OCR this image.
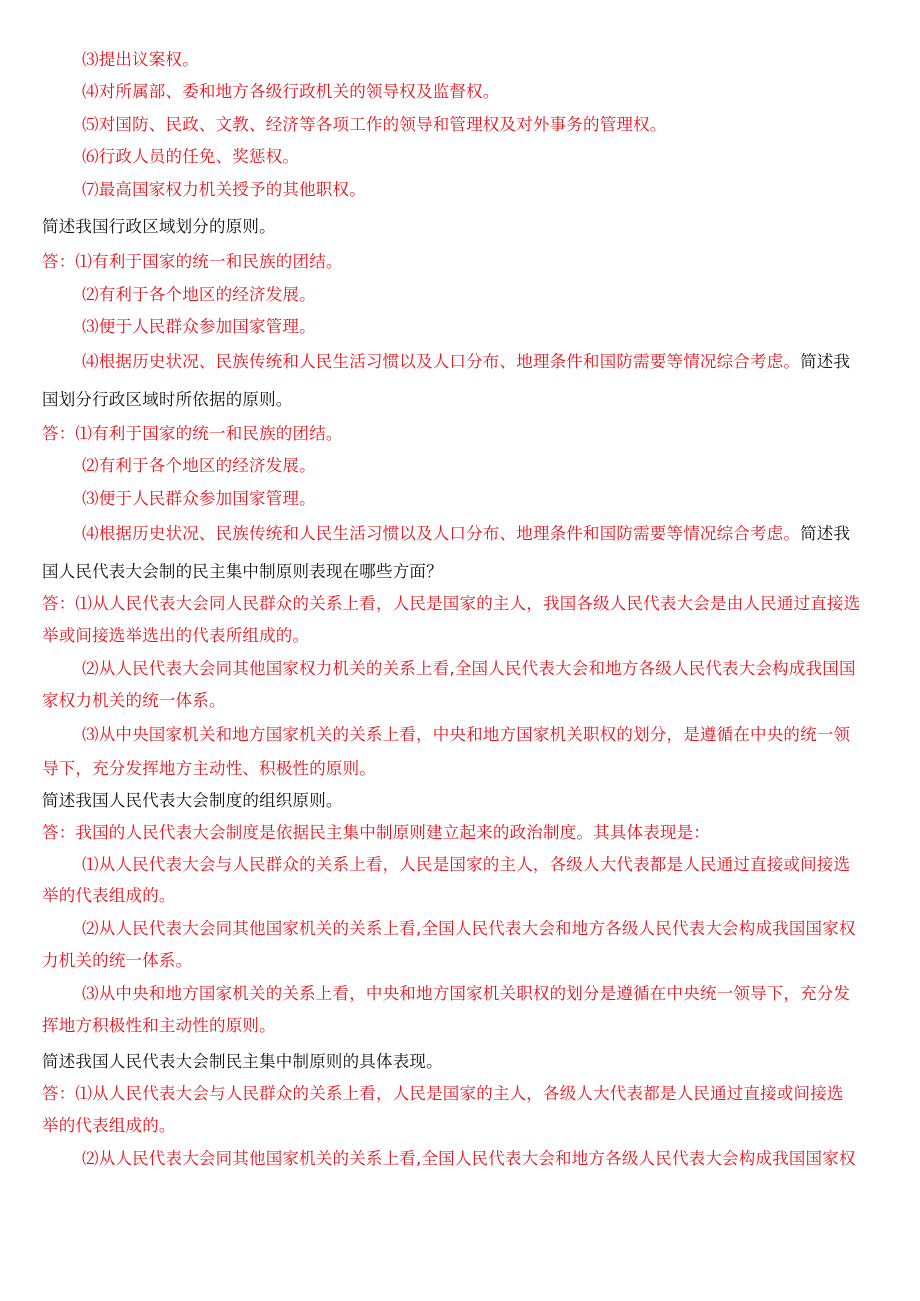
⑶提出议案权。
⑷对所属部、委和地方各级行政机关的领导权及监督权。
⑸对国防、民政、文教、经济等各项工作的领导和管理权及对外事务的管理权。
⑹行政人员的任免、奖惩权。
⑺最高国家权力机关授予的其他职权。
简述我国行政区域划分的原则。
答：⑴有利于国家的统一和民族的团结。
⑵有利于各个地区的经济发展。
⑶便于人民群众参加国家管理。
⑷根据历史状况、民族传统和人民生活习惯以及人口分布、地理条件和国防需要等情况综合考虑。简述我
国划分行政区域时所依据的原则。
答：⑴有利于国家的统一和民族的团结。
⑵有利于各个地区的经济发展。
⑶便于人民群众参加国家管理。
⑷根据历史状况、民族传统和人民生活习惯以及人口分布、地理条件和国防需要等情况综合考虑。简述我
国人民代表大会制的民主集中制原则表现在哪些方面？
答：⑴从人民代表大会同人民群众的关系上看，人民是国家的主人，我国各级人民代表大会是由人民通过直接选
举或间接选举选出的代表所组成的。
⑵从人民代表大会同其他国家权力机关的关系上看,全国人民代表大会和地方各级人民代表大会构成我国国
家权力机关的统一体系。
⑶从中央国家机关和地方国家机关的关系上看，中央和地方国家机关职权的划分，是遵循在中央的统一领
导下，充分发挥地方主动性、积极性的原则。
简述我国人民代表大会制度的组织原则。
答：我国的人民代表大会制度是依据民主集中制原则建立起来的政治制度。其具体表现是：
⑴从人民代表大会与人民群众的关系上看，人民是国家的主人，各级人大代表都是人民通过直接或间接选
举的代表组成的。
⑵从人民代表大会同其他国家机关的关系上看,全国人民代表大会和地方各级人民代表大会构成我国国家权
力机关的统一体系。
⑶从中央和地方国家机关的关系上看，中央和地方国家机关职权的划分是遵循在中央统一领导下，充分发
挥地方积极性和主动性的原则。
简述我国人民代表大会制民主集中制原则的具体表现。
答：⑴从人民代表大会与人民群众的关系上看，人民是国家的主人，各级人大代表都是人民通过直接或间接选
举的代表组成的。
⑵从人民代表大会同其他国家机关的关系上看,全国人民代表大会和地方各级人民代表大会构成我国国家权
